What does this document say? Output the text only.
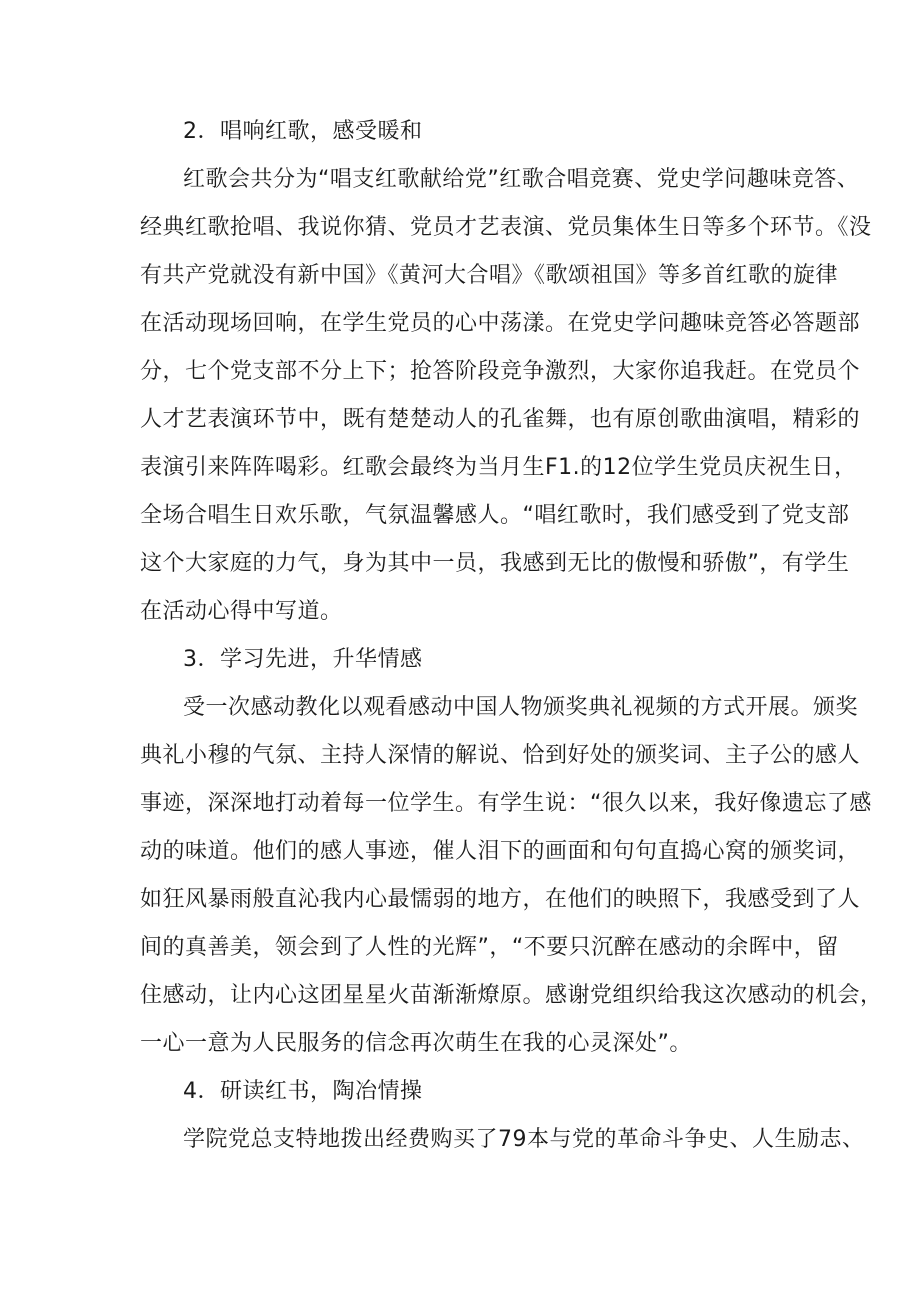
2．唱响红歌，感受暖和
红歌会共分为“唱支红歌献给党”红歌合唱竞赛、党史学问趣味竞答、
经典红歌抢唱、我说你猜、党员才艺表演、党员集体生日等多个环节。《没
有共产党就没有新中国》《黄河大合唱》《歌颂祖国》等多首红歌的旋律
在活动现场回响，在学生党员的心中荡漾。在党史学问趣味竞答必答题部
分，七个党支部不分上下；抢答阶段竞争激烈，大家你追我赶。在党员个
人才艺表演环节中，既有楚楚动人的孔雀舞，也有原创歌曲演唱，精彩的
表演引来阵阵喝彩。红歌会最终为当月生F1.的12位学生党员庆祝生日，
全场合唱生日欢乐歌，气氛温馨感人。“唱红歌时，我们感受到了党支部
这个大家庭的力气，身为其中一员，我感到无比的傲慢和骄傲”，有学生
在活动心得中写道。
3．学习先进，升华情感
受一次感动教化以观看感动中国人物颁奖典礼视频的方式开展。颁奖
典礼小穆的气氛、主持人深情的解说、恰到好处的颁奖词、主子公的感人
事迹，深深地打动着每一位学生。有学生说：“很久以来，我好像遗忘了感
动的味道。他们的感人事迹，催人泪下的画面和句句直捣心窝的颁奖词，
如狂风暴雨般直沁我内心最懦弱的地方，在他们的映照下，我感受到了人
间的真善美，领会到了人性的光辉”，“不要只沉醉在感动的余晖中，留
住感动，让内心这团星星火苗渐渐燎原。感谢党组织给我这次感动的机会，
一心一意为人民服务的信念再次萌生在我的心灵深处”。
4．研读红书，陶冶情操
学院党总支特地拨出经费购买了79本与党的革命斗争史、人生励志、
